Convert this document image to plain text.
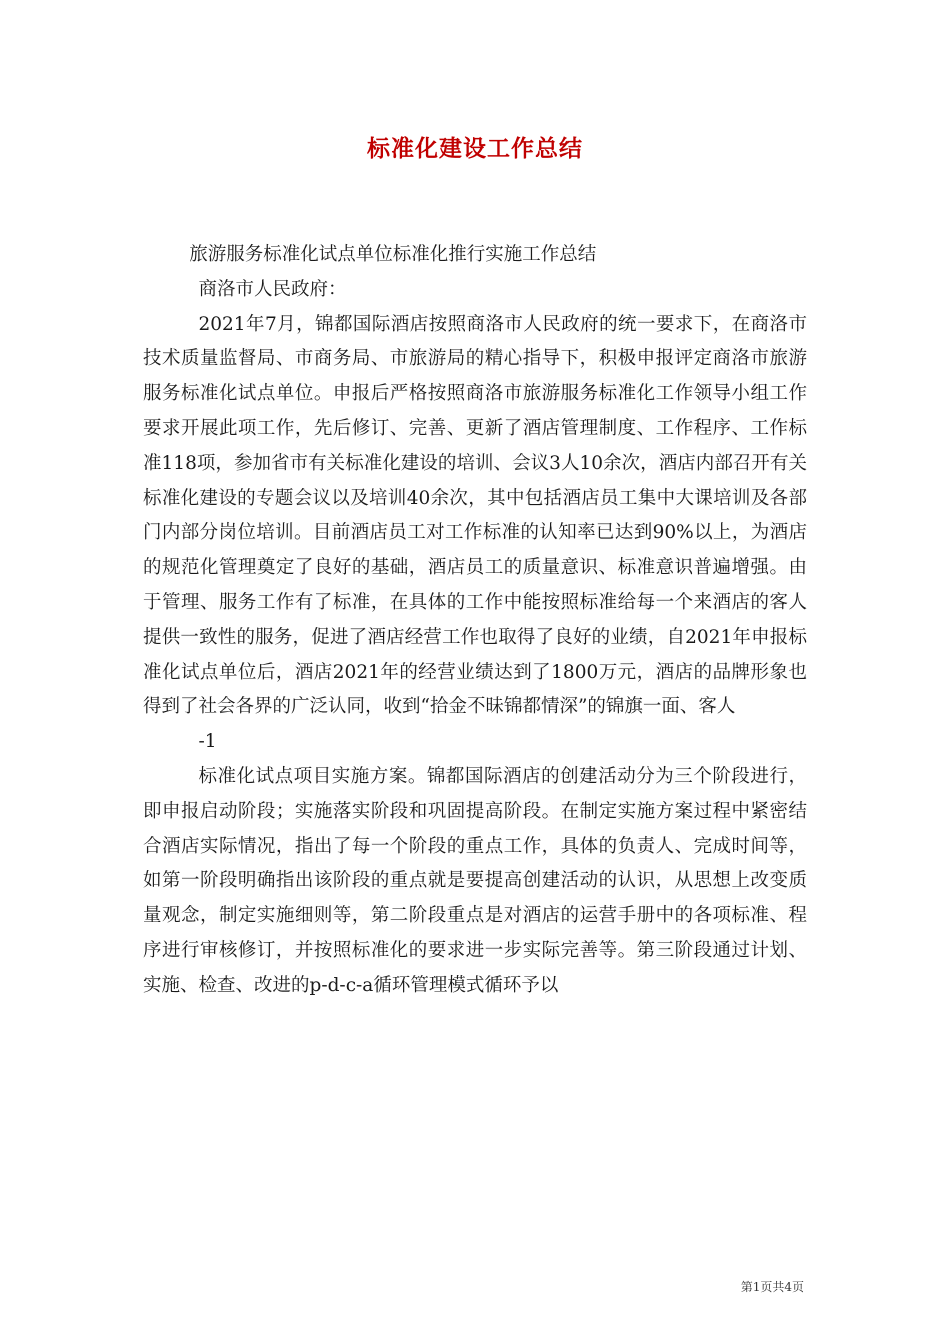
标准化建设工作总结

旅游服务标准化试点单位标准化推行实施工作总结

商洛市人民政府：

2021年7月，锦都国际酒店按照商洛市人民政府的统一要求下，在商洛市技术质量监督局、市商务局、市旅游局的精心指导下，积极申报评定商洛市旅游服务标准化试点单位。申报后严格按照商洛市旅游服务标准化工作领导小组工作要求开展此项工作，先后修订、完善、更新了酒店管理制度、工作程序、工作标准118项，参加省市有关标准化建设的培训、会议3人10余次，酒店内部召开有关标准化建设的专题会议以及培训40余次，其中包括酒店员工集中大课培训及各部门内部分岗位培训。目前酒店员工对工作标准的认知率已达到90%以上，为酒店的规范化管理奠定了良好的基础，酒店员工的质量意识、标准意识普遍增强。由于管理、服务工作有了标准，在具体的工作中能按照标准给每一个来酒店的客人提供一致性的服务，促进了酒店经营工作也取得了良好的业绩，自2021年申报标准化试点单位后，酒店2021年的经营业绩达到了1800万元，酒店的品牌形象也得到了社会各界的广泛认同，收到“拾金不昧锦都情深”的锦旗一面、客人

-1

标准化试点项目实施方案。锦都国际酒店的创建活动分为三个阶段进行，即申报启动阶段；实施落实阶段和巩固提高阶段。在制定实施方案过程中紧密结合酒店实际情况，指出了每一个阶段的重点工作，具体的负责人、完成时间等，如第一阶段明确指出该阶段的重点就是要提高创建活动的认识，从思想上改变质量观念，制定实施细则等，第二阶段重点是对酒店的运营手册中的各项标准、程序进行审核修订，并按照标准化的要求进一步实际完善等。第三阶段通过计划、实施、检查、改进的p-d-c-a循环管理模式循环予以

第1页共4页
